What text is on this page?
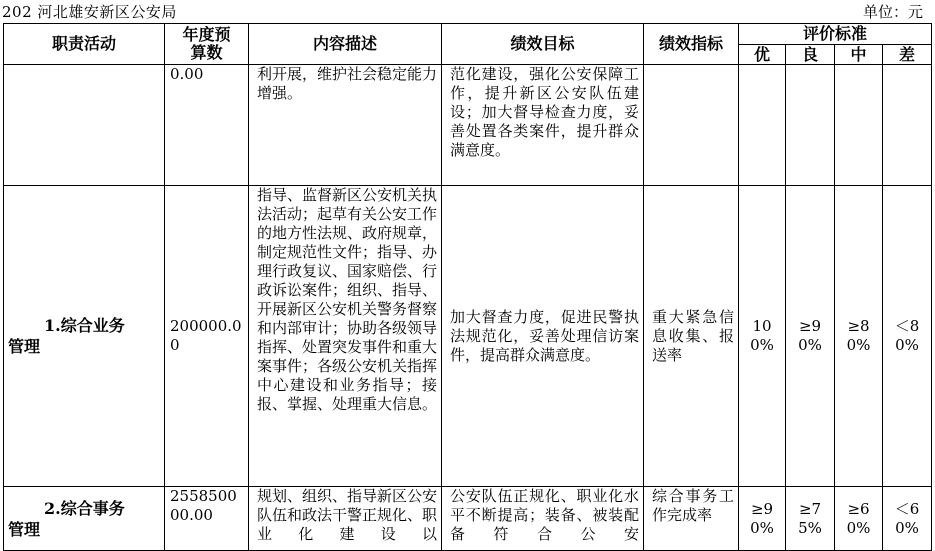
202 河北雄安新区公安局	单位：元
职责活动	年度预算数	内容描述	绩效目标	绩效指标	评价标准			
					优	良	中	差

	0.00	利开展，维护社会稳定能力增强。	范化建设，强化公安保障工作，提升新区公安队伍建设；加大督导检查力度，妥善处置各类案件，提升群众满意度。					

1.综合业务
管理	200000.00	指导、监督新区公安机关执法活动；起草有关公安工作的地方性法规、政府规章，制定规范性文件；指导、办理行政复议、国家赔偿、行政诉讼案件；组织、指导、开展新区公安机关警务督察和内部审计；协助各级领导指挥、处置突发事件和重大案事件；各级公安机关指挥中心建设和业务指导；接报、掌握、处理重大信息。	加大督查力度，促进民警执法规范化，妥善处理信访案件，提高群众满意度。	重大紧急信息收集、报送率	100%	≥90%	≥80%	＜80%

2.综合事务
管理	255850000.00	规划、组织、指导新区公安队伍和政法干警正规化、职业化建设以	公安队伍正规化、职业化水平不断提高；装备、被装配备符合公安	综合事务工作完成率	≥90%	≥75%	≥60%	＜60%
